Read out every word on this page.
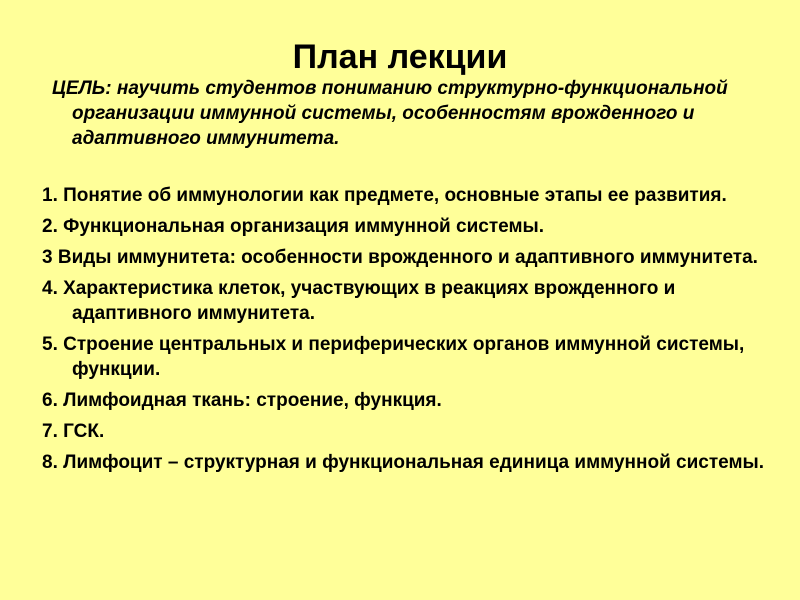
План лекции
ЦЕЛЬ: научить студентов пониманию структурно-функциональной организации иммунной системы, особенностям врожденного и адаптивного иммунитета.
1. Понятие об иммунологии как предмете, основные этапы ее развития.
2. Функциональная организация иммунной системы.
3 Виды иммунитета: особенности врожденного и адаптивного иммунитета.
4. Характеристика клеток, участвующих в реакциях врожденного и адаптивного иммунитета.
5. Строение центральных и периферических органов иммунной системы, функции.
6. Лимфоидная ткань: строение, функция.
7. ГСК.
8. Лимфоцит – структурная и функциональная единица иммунной системы.
